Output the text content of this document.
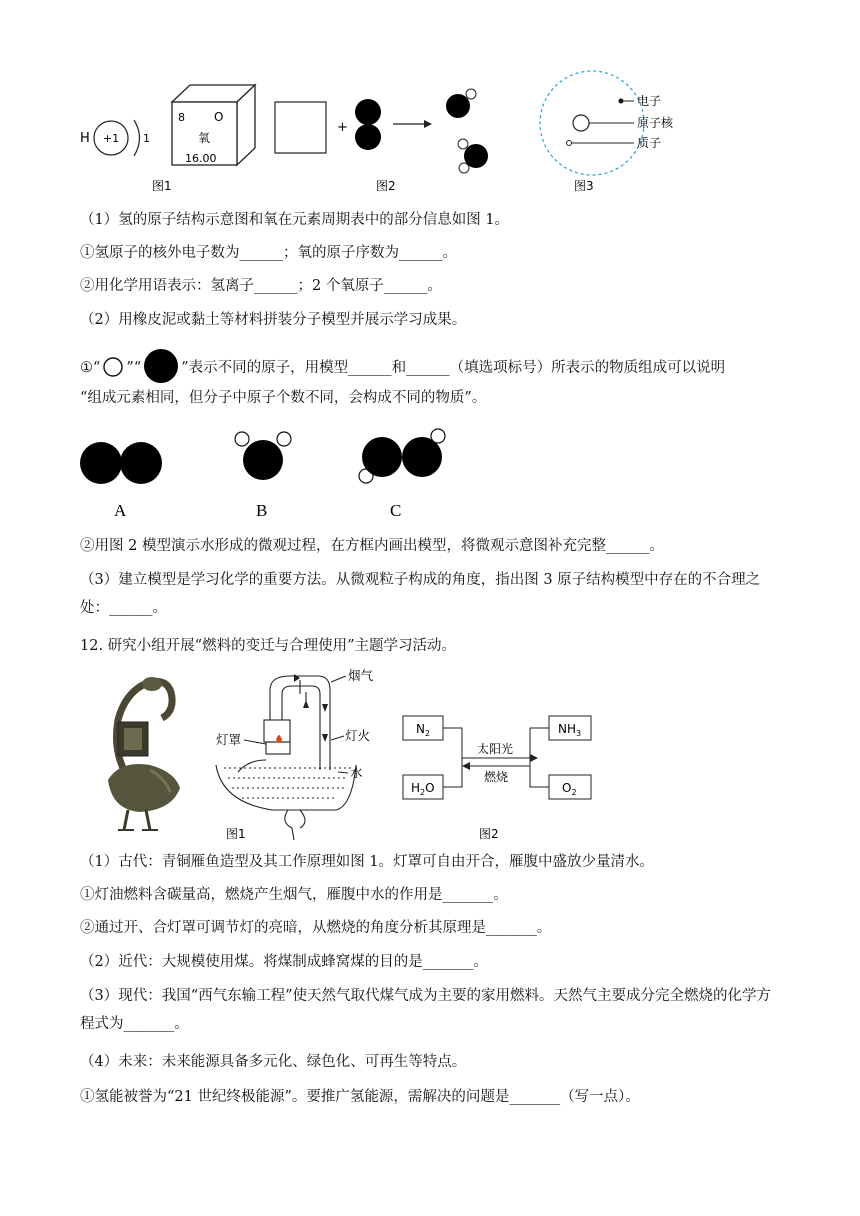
H +1 1
8 O
氧
16.00
图1
+
图2
电子
原子核
质子
图3
（1）氢的原子结构示意图和氧在元素周期表中的部分信息如图 1。
①氢原子的核外电子数为______；氧的原子序数为______。
②用化学用语表示：氢离子______；2 个氧原子______。
（2）用橡皮泥或黏土等材料拼装分子模型并展示学习成果。
①“ ”“	”表示不同的原子，用模型______和______（填选项标号）所表示的物质组成可以说明
“组成元素相同，但分子中原子个数不同，会构成不同的物质”。
A	B	C
②用图 2 模型演示水形成的微观过程，在方框内画出模型，将微观示意图补充完整______。
（3）建立模型是学习化学的重要方法。从微观粒子构成的角度，指出图 3 原子结构模型中存在的不合理之处：______。
12. 研究小组开展“燃料的变迁与合理使用”主题学习活动。
烟气
灯罩	灯火
水
图1
$N_2$
$H_2O$
$NH_3$
$O_2$
太阳光
燃烧
图2
（1）古代：青铜雁鱼造型及其工作原理如图 1。灯罩可自由开合，雁腹中盛放少量清水。
①灯油燃料含碳量高，燃烧产生烟气，雁腹中水的作用是_______。
②通过开、合灯罩可调节灯的亮暗，从燃烧的角度分析其原理是_______。
（2）近代：大规模使用煤。将煤制成蜂窝煤的目的是_______。
（3）现代：我国“西气东输工程”使天然气取代煤气成为主要的家用燃料。天然气主要成分完全燃烧的化学方程式为_______。
（4）未来：未来能源具备多元化、绿色化、可再生等特点。
①氢能被誉为“21 世纪终极能源”。要推广氢能源，需解决的问题是_______（写一点）。
